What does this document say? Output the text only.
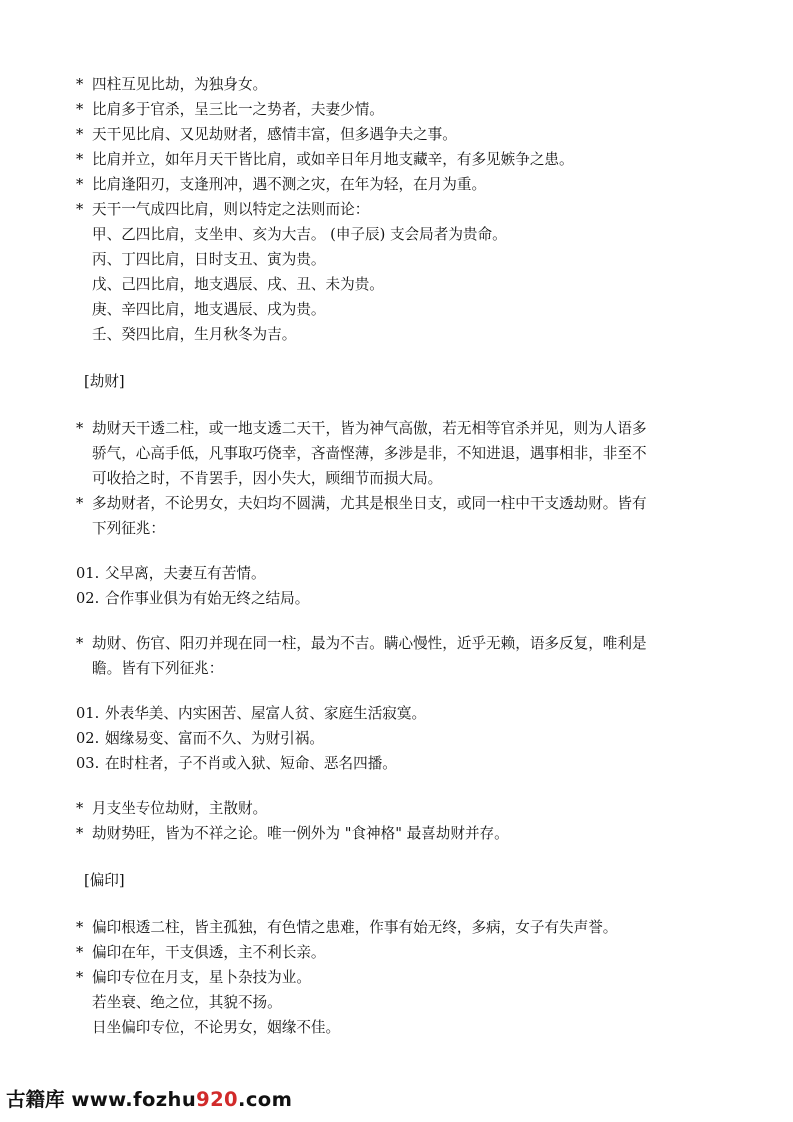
* 四柱互见比劫，为独身女。
* 比肩多于官杀，呈三比一之势者，夫妻少情。
* 天干见比肩、又见劫财者，感情丰富，但多遇争夫之事。
* 比肩并立，如年月天干皆比肩，或如辛日年月地支藏辛，有多见嫉争之患。
* 比肩逢阳刃，支逢刑冲，遇不测之灾，在年为轻，在月为重。
* 天干一气成四比肩，则以特定之法则而论：
甲、乙四比肩，支坐申、亥为大吉。 (申子辰) 支会局者为贵命。
丙、丁四比肩，日时支丑、寅为贵。
戊、己四比肩，地支遇辰、戌、丑、未为贵。
庚、辛四比肩，地支遇辰、戌为贵。
壬、癸四比肩，生月秋冬为吉。
[劫财]
* 劫财天干透二柱，或一地支透二天干，皆为神气高傲，若无相等官杀并见，则为人语多
骄气，心高手低，凡事取巧侥幸，吝啬悭薄，多涉是非，不知进退，遇事相非，非至不
可收拾之时，不肯罢手，因小失大，顾细节而损大局。
* 多劫财者，不论男女，夫妇均不圆满，尤其是根坐日支，或同一柱中干支透劫财。皆有
下列征兆：
01. 父早离，夫妻互有苦情。
02. 合作事业俱为有始无终之结局。
* 劫财、伤官、阳刃并现在同一柱，最为不吉。瞒心慢性，近乎无赖，语多反复，唯利是
瞻。皆有下列征兆：
01. 外表华美、内实困苦、屋富人贫、家庭生活寂寞。
02. 姻缘易变、富而不久、为财引祸。
03. 在时柱者，子不肖或入狱、短命、恶名四播。
* 月支坐专位劫财，主散财。
* 劫财势旺，皆为不祥之论。唯一例外为 "食神格" 最喜劫财并存。
[偏印]
* 偏印根透二柱，皆主孤独，有色情之患难，作事有始无终，多病，女子有失声誉。
* 偏印在年，干支俱透，主不利长亲。
* 偏印专位在月支，星卜杂技为业。
若坐衰、绝之位，其貌不扬。
日坐偏印专位，不论男女，姻缘不佳。
古籍库 www.fozhu920.com
